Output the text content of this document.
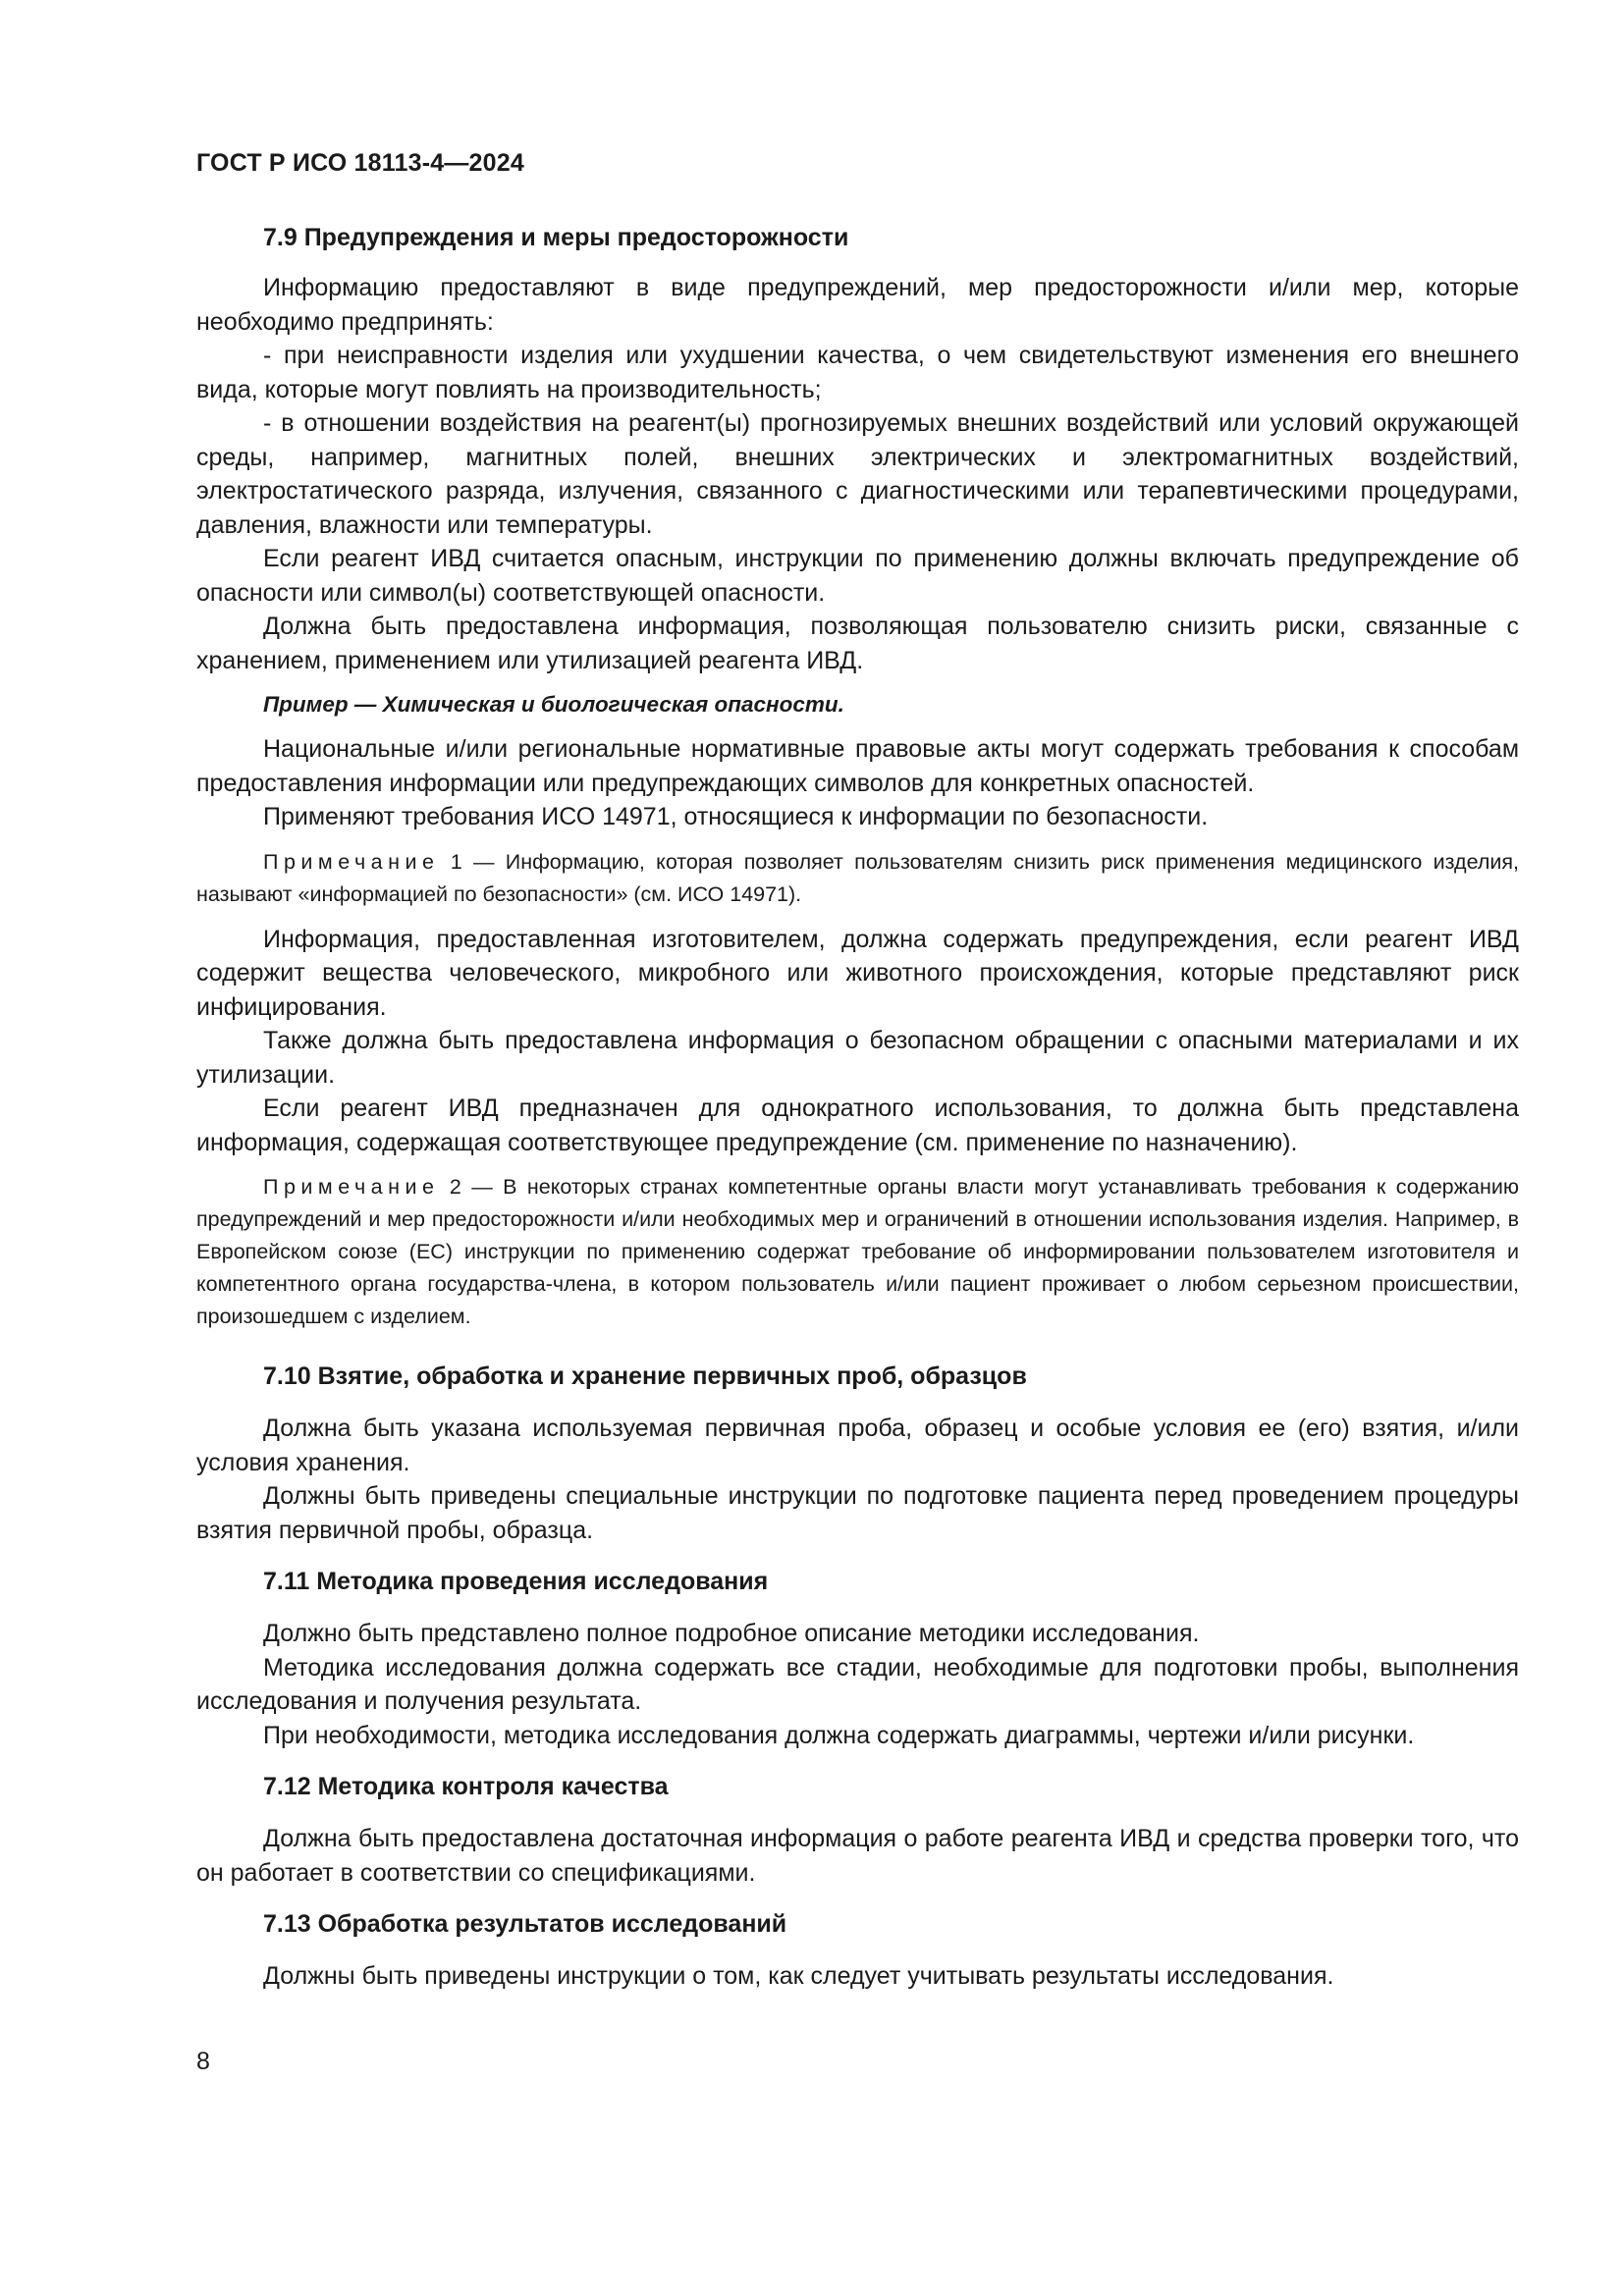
ГОСТ Р ИСО 18113-4—2024
7.9 Предупреждения и меры предосторожности

Информацию предоставляют в виде предупреждений, мер предосторожности и/или мер, которые необходимо предпринять:

- при неисправности изделия или ухудшении качества, о чем свидетельствуют изменения его внешнего вида, которые могут повлиять на производительность;

- в отношении воздействия на реагент(ы) прогнозируемых внешних воздействий или условий окружающей среды, например, магнитных полей, внешних электрических и электромагнитных воздействий, электростатического разряда, излучения, связанного с диагностическими или терапевтическими процедурами, давления, влажности или температуры.

Если реагент ИВД считается опасным, инструкции по применению должны включать предупреждение об опасности или символ(ы) соответствующей опасности.

Должна быть предоставлена информация, позволяющая пользователю снизить риски, связанные с хранением, применением или утилизацией реагента ИВД.

Пример — Химическая и биологическая опасности.

Национальные и/или региональные нормативные правовые акты могут содержать требования к способам предоставления информации или предупреждающих символов для конкретных опасностей.

Применяют требования ИСО 14971, относящиеся к информации по безопасности.

Примечание 1 — Информацию, которая позволяет пользователям снизить риск применения медицинского изделия, называют «информацией по безопасности» (см. ИСО 14971).

Информация, предоставленная изготовителем, должна содержать предупреждения, если реагент ИВД содержит вещества человеческого, микробного или животного происхождения, которые представляют риск инфицирования.

Также должна быть предоставлена информация о безопасном обращении с опасными материалами и их утилизации.

Если реагент ИВД предназначен для однократного использования, то должна быть представлена информация, содержащая соответствующее предупреждение (см. применение по назначению).

Примечание 2 — В некоторых странах компетентные органы власти могут устанавливать требования к содержанию предупреждений и мер предосторожности и/или необходимых мер и ограничений в отношении использования изделия. Например, в Европейском союзе (ЕС) инструкции по применению содержат требование об информировании пользователем изготовителя и компетентного органа государства-члена, в котором пользователь и/или пациент проживает о любом серьезном происшествии, произошедшем с изделием.

7.10 Взятие, обработка и хранение первичных проб, образцов

Должна быть указана используемая первичная проба, образец и особые условия ее (его) взятия, и/или условия хранения.

Должны быть приведены специальные инструкции по подготовке пациента перед проведением процедуры взятия первичной пробы, образца.

7.11 Методика проведения исследования

Должно быть представлено полное подробное описание методики исследования.

Методика исследования должна содержать все стадии, необходимые для подготовки пробы, выполнения исследования и получения результата.

При необходимости, методика исследования должна содержать диаграммы, чертежи и/или рисунки.

7.12 Методика контроля качества

Должна быть предоставлена достаточная информация о работе реагента ИВД и средства проверки того, что он работает в соответствии со спецификациями.

7.13 Обработка результатов исследований

Должны быть приведены инструкции о том, как следует учитывать результаты исследования.

8
